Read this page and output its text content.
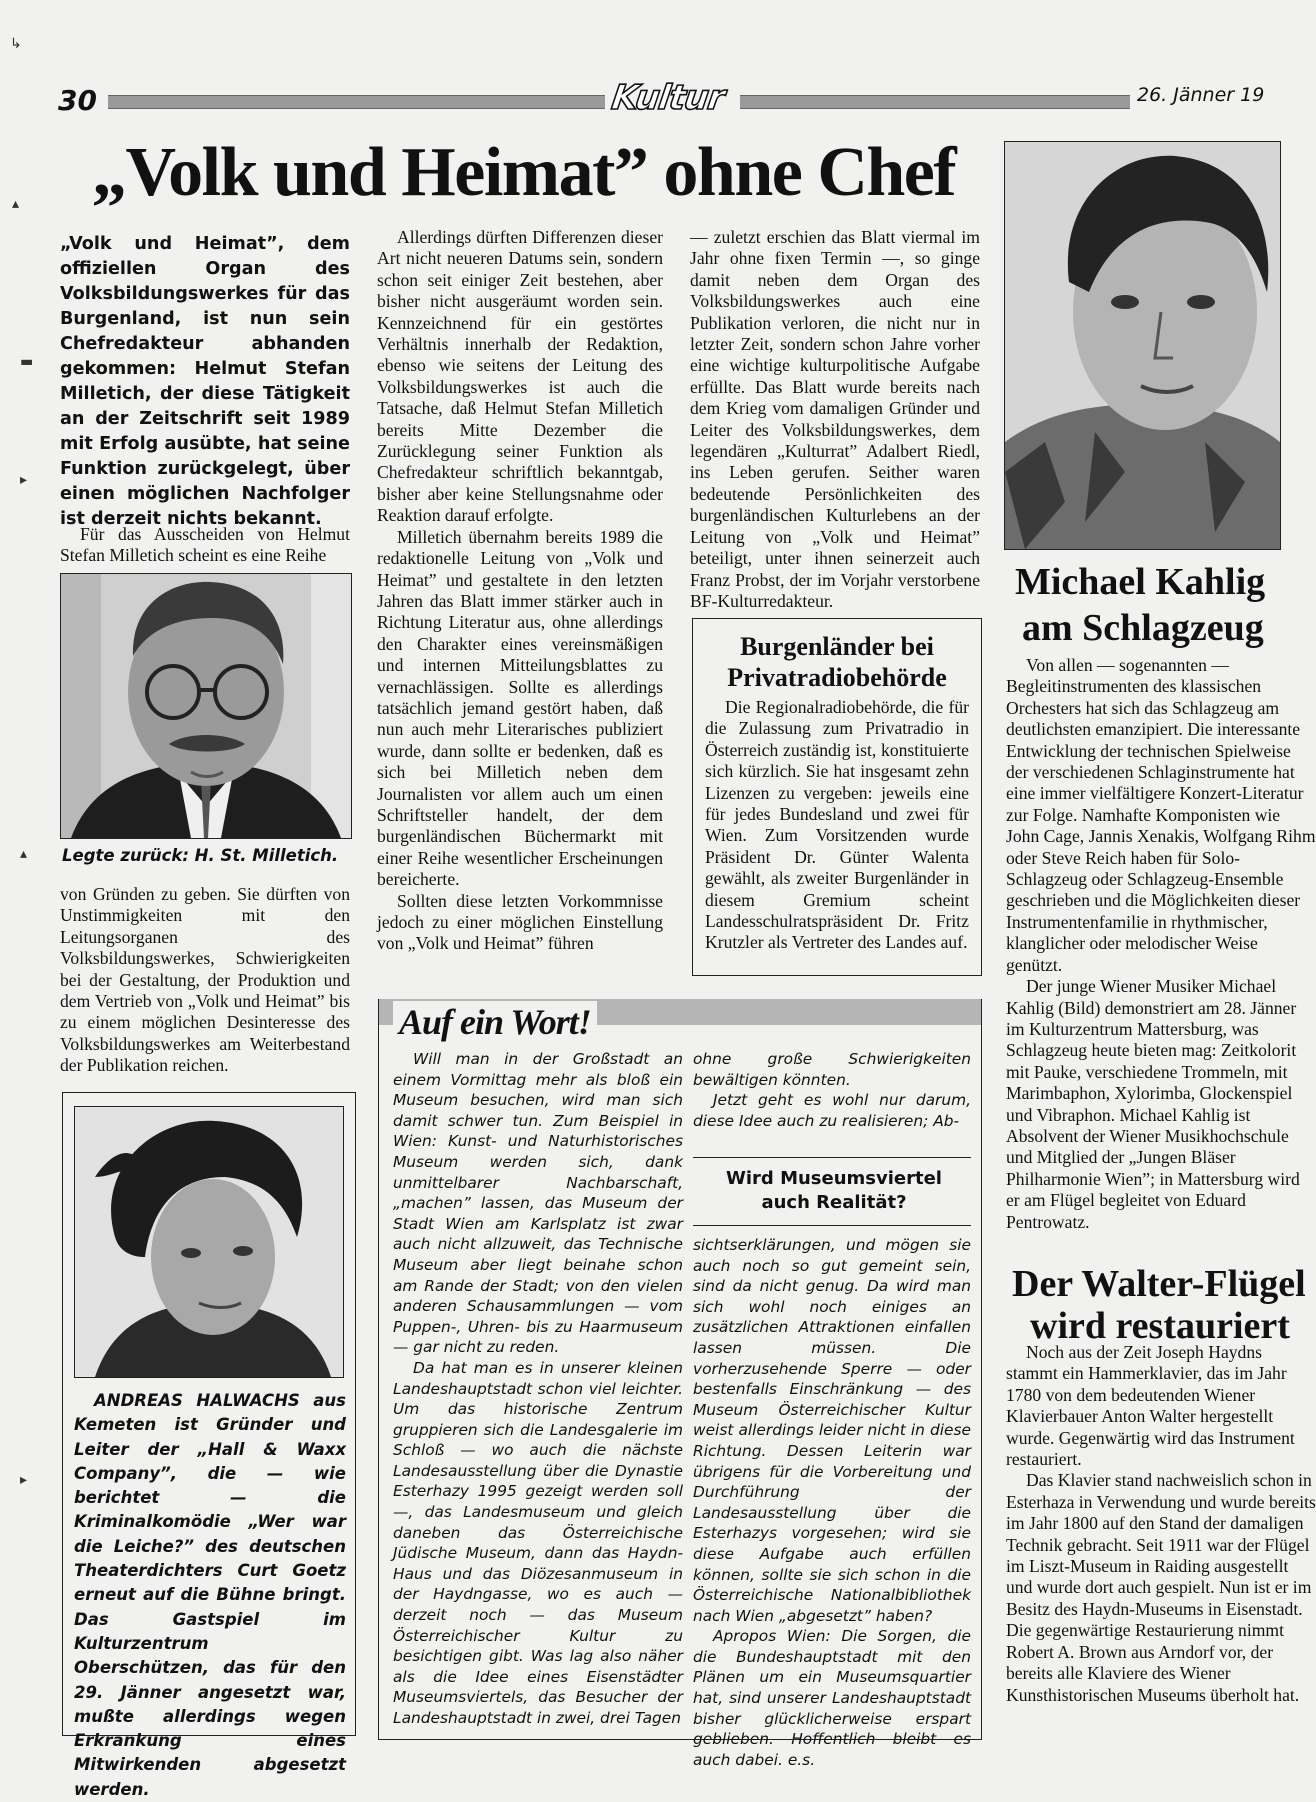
30	Kultur	26. Jänner 19
↳
▴
▬
▸
▴
▸
„Volk und Heimat” ohne Chef
„Volk und Heimat”, dem offiziellen Organ des Volksbildungswerkes für das Burgenland, ist nun sein Chefredakteur abhanden gekommen: Helmut Stefan Milletich, der diese Tätigkeit an der Zeitschrift seit 1989 mit Erfolg ausübte, hat seine Funktion zurückgelegt, über einen möglichen Nachfolger ist derzeit nichts bekannt.

Für das Ausscheiden von Helmut Stefan Milletich scheint es eine Reihe

Legte zurück: H. St. Milletich.

von Gründen zu geben. Sie dürften von Unstimmigkeiten mit den Leitungsorganen des Volksbildungswerkes, Schwierigkeiten bei der Gestaltung, der Produktion und dem Vertrieb von „Volk und Heimat” bis zu einem möglichen Desinteresse des Volksbildungswerkes am Weiterbestand der Publikation reichen.

ANDREAS HALWACHS aus Kemeten ist Gründer und Leiter der „Hall & Waxx Company”, die — wie berichtet — die Kriminalkomödie „Wer war die Leiche?” des deutschen Theaterdichters Curt Goetz erneut auf die Bühne bringt. Das Gastspiel im Kulturzentrum Oberschützen, das für den 29. Jänner angesetzt war, mußte allerdings wegen Erkrankung eines Mitwirkenden abgesetzt werden.

Allerdings dürften Differenzen dieser Art nicht neueren Datums sein, sondern schon seit einiger Zeit bestehen, aber bisher nicht ausgeräumt worden sein. Kennzeichnend für ein gestörtes Verhältnis innerhalb der Redaktion, ebenso wie seitens der Leitung des Volksbildungswerkes ist auch die Tatsache, daß Helmut Stefan Milletich bereits Mitte Dezember die Zurücklegung seiner Funktion als Chefredakteur schriftlich bekanntgab, bisher aber keine Stellungsnahme oder Reaktion darauf erfolgte.

Milletich übernahm bereits 1989 die redaktionelle Leitung von „Volk und Heimat” und gestaltete in den letzten Jahren das Blatt immer stärker auch in Richtung Literatur aus, ohne allerdings den Charakter eines vereinsmäßigen und internen Mitteilungsblattes zu vernachlässigen. Sollte es allerdings tatsächlich jemand gestört haben, daß nun auch mehr Literarisches publiziert wurde, dann sollte er bedenken, daß es sich bei Milletich neben dem Journalisten vor allem auch um einen Schriftsteller handelt, der dem burgenländischen Büchermarkt mit einer Reihe wesentlicher Erscheinungen bereicherte.

Sollten diese letzten Vorkommnisse jedoch zu einer möglichen Einstellung von „Volk und Heimat” führen

— zuletzt erschien das Blatt viermal im Jahr ohne fixen Termin —, so ginge damit neben dem Organ des Volksbildungswerkes auch eine Publikation verloren, die nicht nur in letzter Zeit, sondern schon Jahre vorher eine wichtige kulturpolitische Aufgabe erfüllte. Das Blatt wurde bereits nach dem Krieg vom damaligen Gründer und Leiter des Volksbildungswerkes, dem legendären „Kulturrat” Adalbert Riedl, ins Leben gerufen. Seither waren bedeutende Persönlichkeiten des burgenländischen Kulturlebens an der Leitung von „Volk und Heimat” beteiligt, unter ihnen seinerzeit auch Franz Probst, der im Vorjahr verstorbene BF-Kulturredakteur.

Burgenländer bei Privatradiobehörde

Die Regionalradiobehörde, die für die Zulassung zum Privatradio in Österreich zuständig ist, konstituierte sich kürzlich. Sie hat insgesamt zehn Lizenzen zu vergeben: jeweils eine für jedes Bundesland und zwei für Wien. Zum Vorsitzenden wurde Präsident Dr. Günter Walenta gewählt, als zweiter Burgenländer in diesem Gremium scheint Landesschulratspräsident Dr. Fritz Krutzler als Vertreter des Landes auf.

Auf ein Wort!

Will man in der Großstadt an einem Vormittag mehr als bloß ein Museum besuchen, wird man sich damit schwer tun. Zum Beispiel in Wien: Kunst- und Naturhistorisches Museum werden sich, dank unmittelbarer Nachbarschaft, „machen” lassen, das Museum der Stadt Wien am Karlsplatz ist zwar auch nicht allzuweit, das Technische Museum aber liegt beinahe schon am Rande der Stadt; von den vielen anderen Schausammlungen — vom Puppen-, Uhren- bis zu Haarmuseum — gar nicht zu reden.

Da hat man es in unserer kleinen Landeshauptstadt schon viel leichter. Um das historische Zentrum gruppieren sich die Landesgalerie im Schloß — wo auch die nächste Landesausstellung über die Dynastie Esterhazy 1995 gezeigt werden soll —, das Landesmuseum und gleich daneben das Österreichische Jüdische Museum, dann das Haydn-Haus und das Diözesanmuseum in der Haydngasse, wo es auch — derzeit noch — das Museum Österreichischer Kultur zu besichtigen gibt. Was lag also näher als die Idee eines Eisenstädter Museumsviertels, das Besucher der Landeshauptstadt in zwei, drei Tagen

ohne große Schwierigkeiten bewältigen könnten.

Jetzt geht es wohl nur darum, diese Idee auch zu realisieren; Ab-

Wird Museumsviertel auch Realität?

sichtserklärungen, und mögen sie auch noch so gut gemeint sein, sind da nicht genug. Da wird man sich wohl noch einiges an zusätzlichen Attraktionen einfallen lassen müssen. Die vorherzusehende Sperre — oder bestenfalls Einschränkung — des Museum Österreichischer Kultur weist allerdings leider nicht in diese Richtung. Dessen Leiterin war übrigens für die Vorbereitung und Durchführung der Landesausstellung über die Esterhazys vorgesehen; wird sie diese Aufgabe auch erfüllen können, sollte sie sich schon in die Österreichische Nationalbibliothek nach Wien „abgesetzt” haben?

Apropos Wien: Die Sorgen, die die Bundeshauptstadt mit den Plänen um ein Museumsquartier hat, sind unserer Landeshauptstadt bisher glücklicherweise erspart geblieben. Hoffentlich bleibt es auch dabei. e.s.

Michael Kahlig
am Schlagzeug

Von allen — sogenannten — Begleitinstrumenten des klassischen Orchesters hat sich das Schlagzeug am deutlichsten emanzipiert. Die interessante Entwicklung der technischen Spielweise der verschiedenen Schlaginstrumente hat eine immer vielfältigere Konzert-Literatur zur Folge. Namhafte Komponisten wie John Cage, Jannis Xenakis, Wolfgang Rihm oder Steve Reich haben für Solo-Schlagzeug oder Schlagzeug-Ensemble geschrieben und die Möglichkeiten dieser Instrumentenfamilie in rhythmischer, klanglicher oder melodischer Weise genützt.

Der junge Wiener Musiker Michael Kahlig (Bild) demonstriert am 28. Jänner im Kulturzentrum Mattersburg, was Schlagzeug heute bieten mag: Zeitkolorit mit Pauke, verschiedene Trommeln, mit Marimbaphon, Xylorimba, Glockenspiel und Vibraphon. Michael Kahlig ist Absolvent der Wiener Musikhochschule und Mitglied der „Jungen Bläser Philharmonie Wien”; in Mattersburg wird er am Flügel begleitet von Eduard Pentrowatz.

Der Walter-Flügel
wird restauriert

Noch aus der Zeit Joseph Haydns stammt ein Hammerklavier, das im Jahr 1780 von dem bedeutenden Wiener Klavierbauer Anton Walter hergestellt wurde. Gegenwärtig wird das Instrument restauriert.

Das Klavier stand nachweislich schon in Esterhaza in Verwendung und wurde bereits im Jahr 1800 auf den Stand der damaligen Technik gebracht. Seit 1911 war der Flügel im Liszt-Museum in Raiding ausgestellt und wurde dort auch gespielt. Nun ist er im Besitz des Haydn-Museums in Eisenstadt. Die gegenwärtige Restaurierung nimmt Robert A. Brown aus Arndorf vor, der bereits alle Klaviere des Wiener Kunsthistorischen Museums überholt hat.
